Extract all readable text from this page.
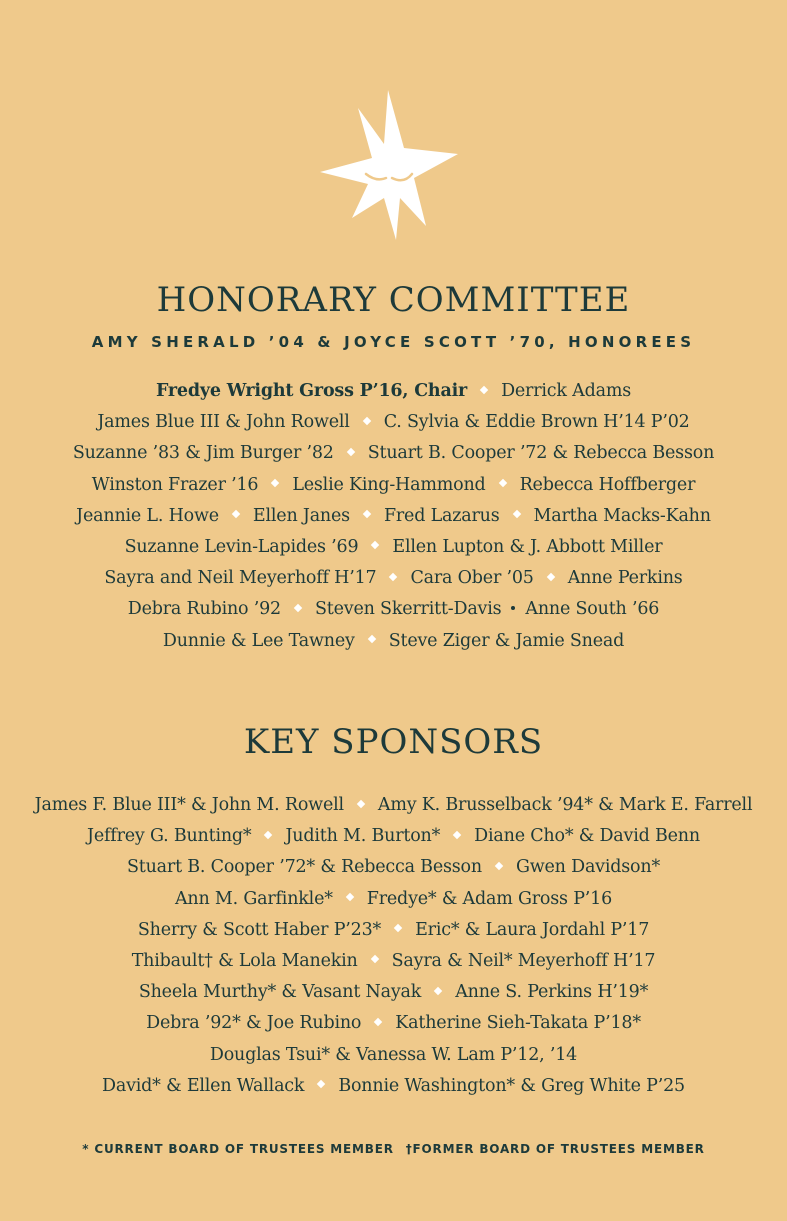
HONORARY COMMITTEE
AMY SHERALD ’04 & JOYCE SCOTT ’70, HONOREES
Fredye Wright Gross P’16, Chair Derrick Adams
James Blue III & John Rowell C. Sylvia & Eddie Brown H’14 P’02
Suzanne ’83 & Jim Burger ’82 Stuart B. Cooper ’72 & Rebecca Besson
Winston Frazer ’16 Leslie King-Hammond Rebecca Hoffberger
Jeannie L. Howe Ellen Janes Fred Lazarus Martha Macks-Kahn
Suzanne Levin-Lapides ’69 Ellen Lupton & J. Abbott Miller
Sayra and Neil Meyerhoff H’17 Cara Ober ’05 Anne Perkins
Debra Rubino ’92 Steven Skerritt-Davis Anne South ’66
Dunnie & Lee Tawney Steve Ziger & Jamie Snead
KEY SPONSORS
James F. Blue III* & John M. Rowell Amy K. Brusselback ’94* & Mark E. Farrell
Jeffrey G. Bunting* Judith M. Burton* Diane Cho* & David Benn
Stuart B. Cooper ’72* & Rebecca Besson Gwen Davidson*
Ann M. Garfinkle* Fredye* & Adam Gross P’16
Sherry & Scott Haber P’23* Eric* & Laura Jordahl P’17
Thibault† & Lola Manekin Sayra & Neil* Meyerhoff H’17
Sheela Murthy* & Vasant Nayak Anne S. Perkins H’19*
Debra ’92* & Joe Rubino Katherine Sieh-Takata P’18*
Douglas Tsui* & Vanessa W. Lam P’12, ’14
David* & Ellen Wallack Bonnie Washington* & Greg White P’25
* CURRENT BOARD OF TRUSTEES MEMBER †FORMER BOARD OF TRUSTEES MEMBER
